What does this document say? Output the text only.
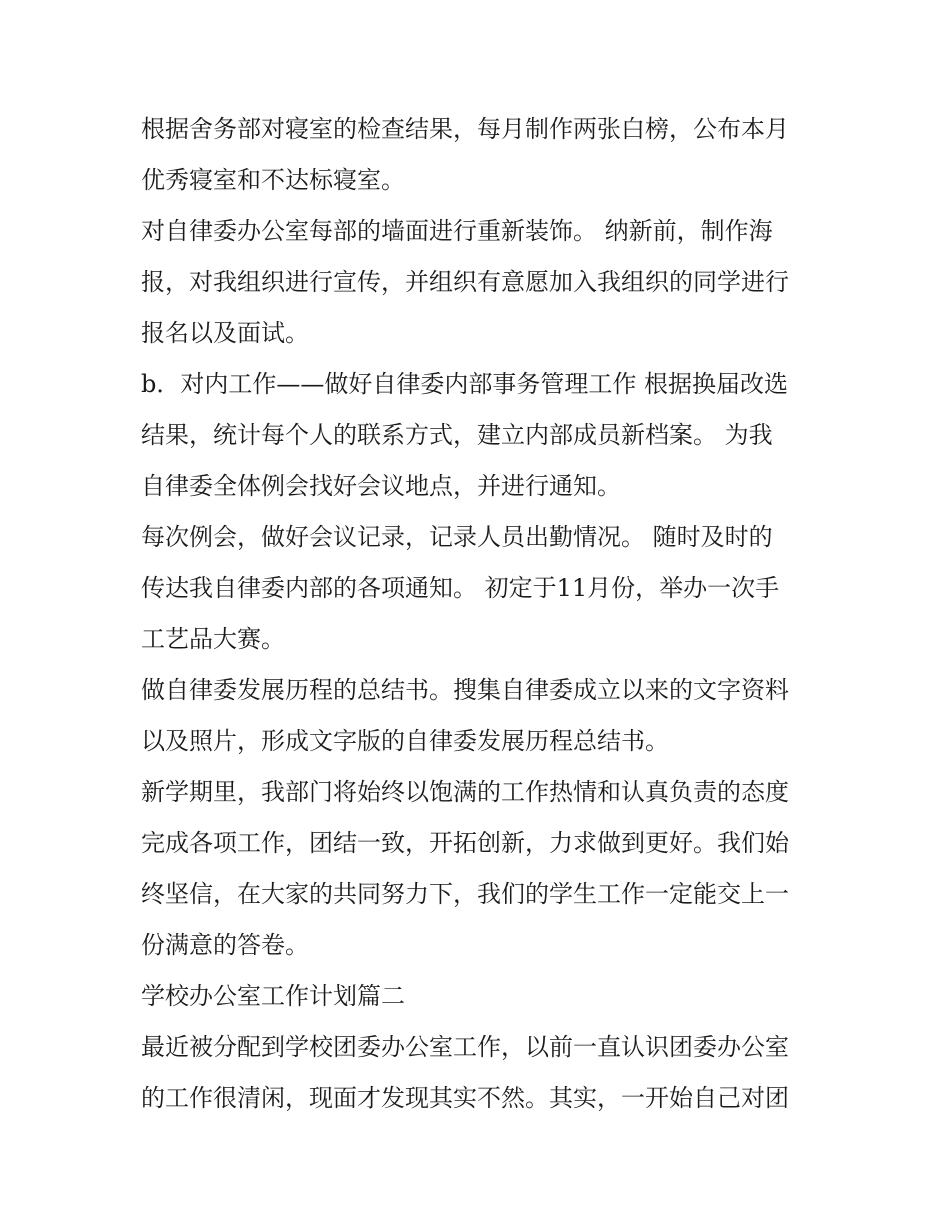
根据舍务部对寝室的检查结果，每月制作两张白榜，公布本月
优秀寝室和不达标寝室。
对自律委办公室每部的墙面进行重新装饰。 纳新前，制作海
报，对我组织进行宣传，并组织有意愿加入我组织的同学进行
报名以及面试。
b．对内工作——做好自律委内部事务管理工作 根据换届改选
结果，统计每个人的联系方式，建立内部成员新档案。 为我
自律委全体例会找好会议地点，并进行通知。
每次例会，做好会议记录，记录人员出勤情况。 随时及时的
传达我自律委内部的各项通知。 初定于11月份，举办一次手
工艺品大赛。
做自律委发展历程的总结书。搜集自律委成立以来的文字资料
以及照片，形成文字版的自律委发展历程总结书。
新学期里，我部门将始终以饱满的工作热情和认真负责的态度
完成各项工作，团结一致，开拓创新，力求做到更好。我们始
终坚信，在大家的共同努力下，我们的学生工作一定能交上一
份满意的答卷。
学校办公室工作计划篇二
最近被分配到学校团委办公室工作，以前一直认识团委办公室
的工作很清闲，现面才发现其实不然。其实，一开始自己对团
